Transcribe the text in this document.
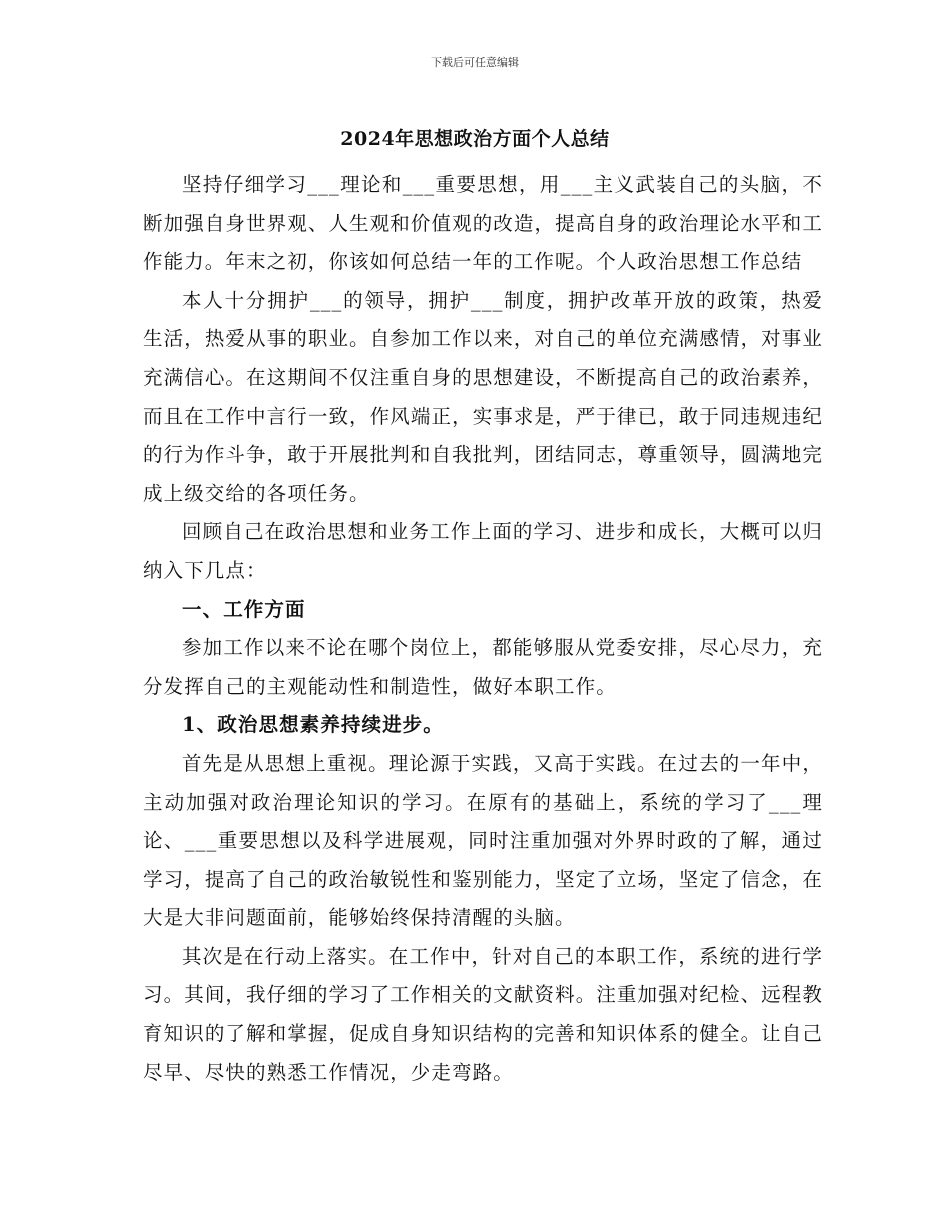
下载后可任意编辑
2024年思想政治方面个人总结

坚持仔细学习___理论和___重要思想，用___主义武装自己的头脑，不断加强自身世界观、人生观和价值观的改造，提高自身的政治理论水平和工作能力。年末之初，你该如何总结一年的工作呢。个人政治思想工作总结

本人十分拥护___的领导，拥护___制度，拥护改革开放的政策，热爱生活，热爱从事的职业。自参加工作以来，对自己的单位充满感情，对事业充满信心。在这期间不仅注重自身的思想建设，不断提高自己的政治素养，而且在工作中言行一致，作风端正，实事求是，严于律已，敢于同违规违纪的行为作斗争，敢于开展批判和自我批判，团结同志，尊重领导，圆满地完成上级交给的各项任务。

回顾自己在政治思想和业务工作上面的学习、进步和成长，大概可以归纳入下几点：

一、工作方面

参加工作以来不论在哪个岗位上，都能够服从党委安排，尽心尽力，充分发挥自己的主观能动性和制造性，做好本职工作。

1、政治思想素养持续进步。

首先是从思想上重视。理论源于实践，又高于实践。在过去的一年中，主动加强对政治理论知识的学习。在原有的基础上，系统的学习了___理论、___重要思想以及科学进展观，同时注重加强对外界时政的了解，通过学习，提高了自己的政治敏锐性和鉴别能力，坚定了立场，坚定了信念，在大是大非问题面前，能够始终保持清醒的头脑。

其次是在行动上落实。在工作中，针对自己的本职工作，系统的进行学习。其间，我仔细的学习了工作相关的文献资料。注重加强对纪检、远程教育知识的了解和掌握，促成自身知识结构的完善和知识体系的健全。让自己尽早、尽快的熟悉工作情况，少走弯路。
